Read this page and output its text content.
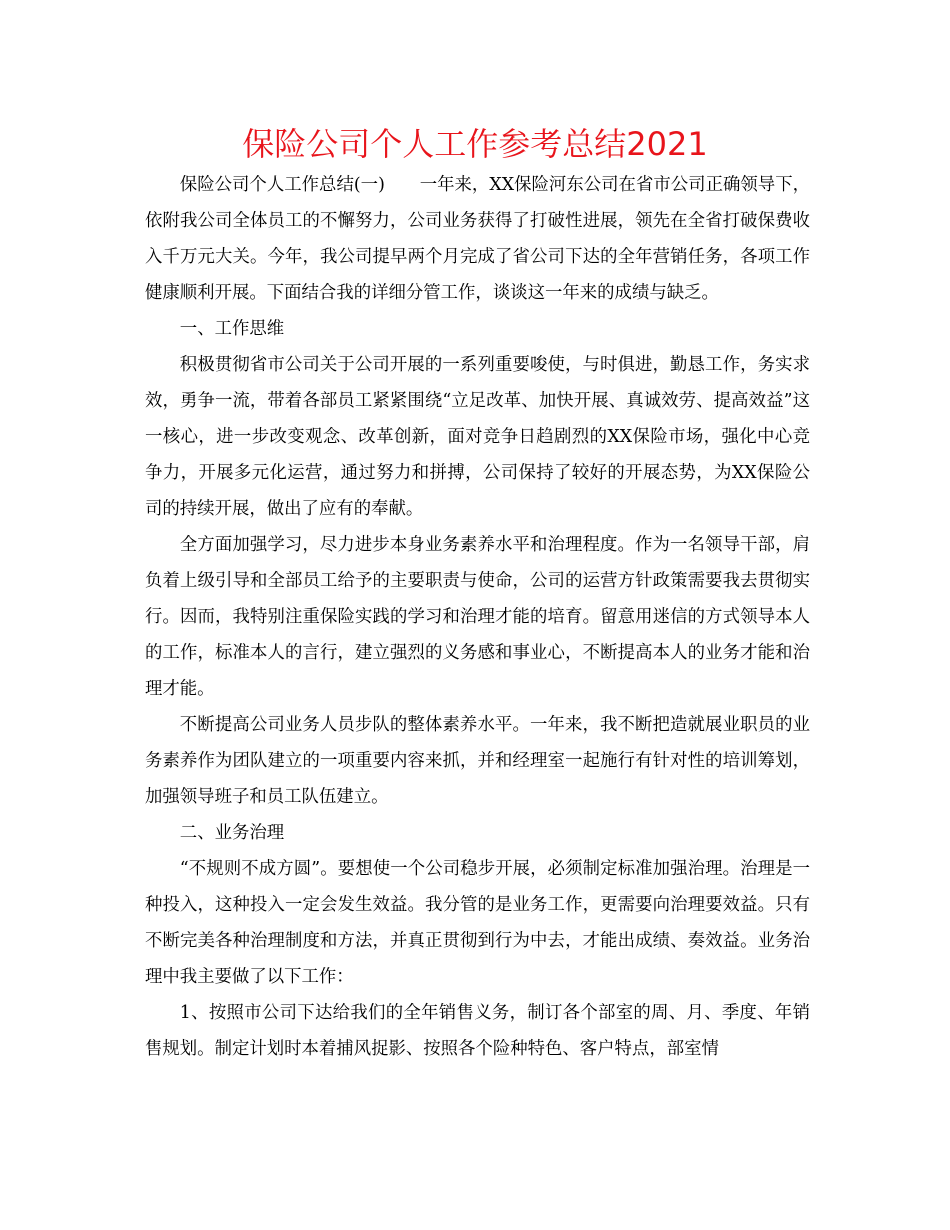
保险公司个人工作参考总结2021

保险公司个人工作总结(一) 一年来，XX保险河东公司在省市公司正确领导下，依附我公司全体员工的不懈努力，公司业务获得了打破性进展，领先在全省打破保费收入千万元大关。今年，我公司提早两个月完成了省公司下达的全年营销任务，各项工作健康顺利开展。下面结合我的详细分管工作，谈谈这一年来的成绩与缺乏。

一、工作思维

积极贯彻省市公司关于公司开展的一系列重要唆使，与时俱进，勤恳工作，务实求效，勇争一流，带着各部员工紧紧围绕“立足改革、加快开展、真诚效劳、提高效益”这一核心，进一步改变观念、改革创新，面对竞争日趋剧烈的XX保险市场，强化中心竞争力，开展多元化运营，通过努力和拼搏，公司保持了较好的开展态势，为XX保险公司的持续开展，做出了应有的奉献。

全方面加强学习，尽力进步本身业务素养水平和治理程度。作为一名领导干部，肩负着上级引导和全部员工给予的主要职责与使命，公司的运营方针政策需要我去贯彻实行。因而，我特别注重保险实践的学习和治理才能的培育。留意用迷信的方式领导本人的工作，标准本人的言行，建立强烈的义务感和事业心，不断提高本人的业务才能和治理才能。

不断提高公司业务人员步队的整体素养水平。一年来，我不断把造就展业职员的业务素养作为团队建立的一项重要内容来抓，并和经理室一起施行有针对性的培训筹划，加强领导班子和员工队伍建立。

二、业务治理

“不规则不成方圆”。要想使一个公司稳步开展，必须制定标准加强治理。治理是一种投入，这种投入一定会发生效益。我分管的是业务工作，更需要向治理要效益。只有不断完美各种治理制度和方法，并真正贯彻到行为中去，才能出成绩、奏效益。业务治理中我主要做了以下工作：

1、按照市公司下达给我们的全年销售义务，制订各个部室的周、月、季度、年销售规划。制定计划时本着捕风捉影、按照各个险种特色、客户特点，部室情
